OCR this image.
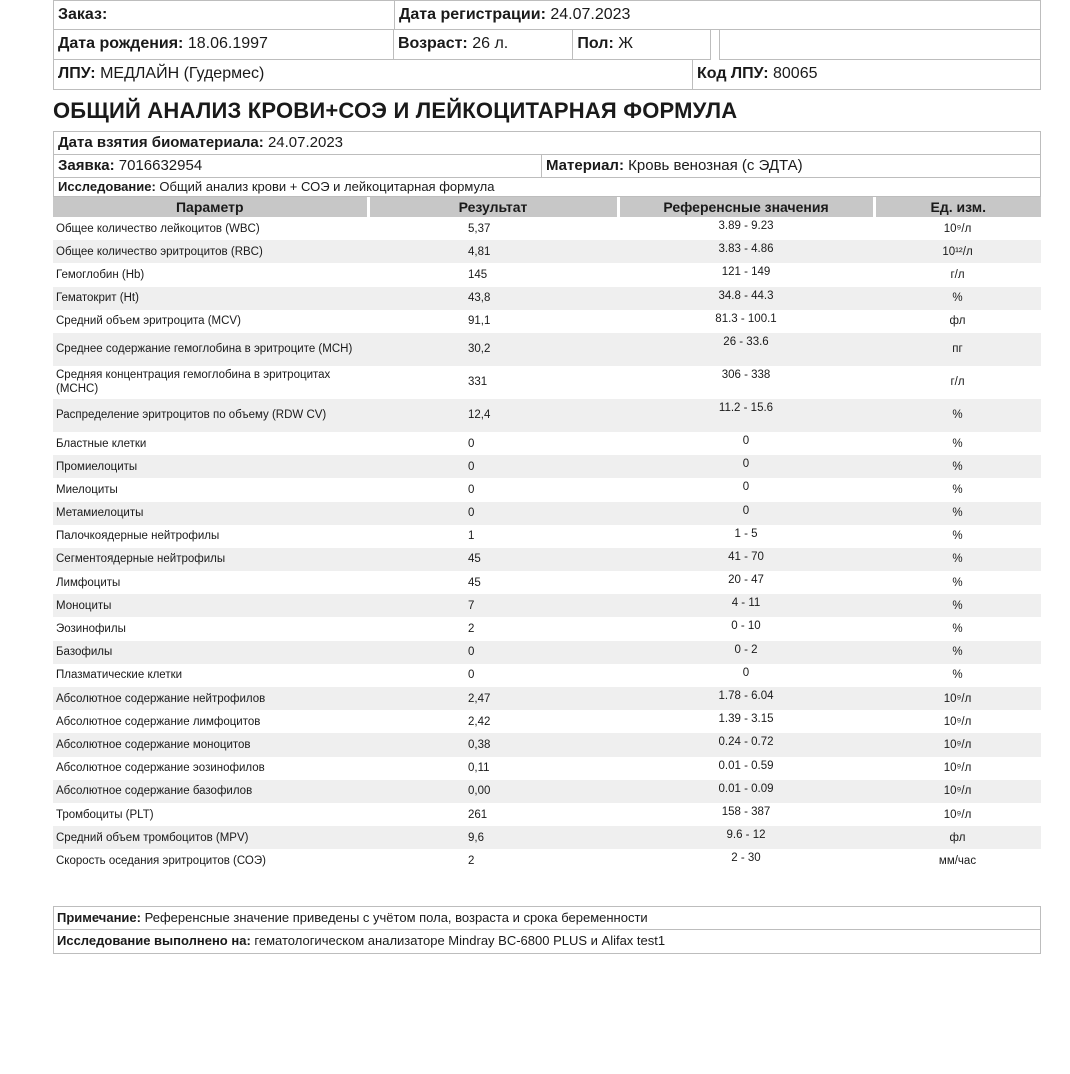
Заказ:	Дата регистрации: 24.07.2023
Дата рождения: 18.06.1997	Возраст: 26 л.	Пол: Ж
ЛПУ: МЕДЛАЙН (Гудермес)	Код ЛПУ: 80065
ОБЩИЙ АНАЛИЗ КРОВИ+СОЭ И ЛЕЙКОЦИТАРНАЯ ФОРМУЛА
Дата взятия биоматериала: 24.07.2023
Заявка: 7016632954	Материал: Кровь венозная (с ЭДТА)
Исследование: Общий анализ крови + СОЭ и лейкоцитарная формула
Параметр	Результат	Референсные значения	Ед. изм.
Общее количество лейкоцитов (WBC)	5,37	3.89 - 9.23	10⁹/л
Общее количество эритроцитов (RBC)	4,81	3.83 - 4.86	10¹²/л
Гемоглобин (Hb)	145	121 - 149	г/л
Гематокрит (Ht)	43,8	34.8 - 44.3	%
Средний объем эритроцита (MCV)	91,1	81.3 - 100.1	фл
Среднее содержание гемоглобина в эритроците (MCH)	30,2	26 - 33.6	пг
Средняя концентрация гемоглобина в эритроцитах (MCHC)	331	306 - 338	г/л
Распределение эритроцитов по объему (RDW CV)	12,4	11.2 - 15.6	%
Бластные клетки	0	0	%
Промиелоциты	0	0	%
Миелоциты	0	0	%
Метамиелоциты	0	0	%
Палочкоядерные нейтрофилы	1	1 - 5	%
Сегментоядерные нейтрофилы	45	41 - 70	%
Лимфоциты	45	20 - 47	%
Моноциты	7	4 - 11	%
Эозинофилы	2	0 - 10	%
Базофилы	0	0 - 2	%
Плазматические клетки	0	0	%
Абсолютное содержание нейтрофилов	2,47	1.78 - 6.04	10⁹/л
Абсолютное содержание лимфоцитов	2,42	1.39 - 3.15	10⁹/л
Абсолютное содержание моноцитов	0,38	0.24 - 0.72	10⁹/л
Абсолютное содержание эозинофилов	0,11	0.01 - 0.59	10⁹/л
Абсолютное содержание базофилов	0,00	0.01 - 0.09	10⁹/л
Тромбоциты (PLT)	261	158 - 387	10⁹/л
Средний объем тромбоцитов (MPV)	9,6	9.6 - 12	фл
Скорость оседания эритроцитов (СОЭ)	2	2 - 30	мм/час
Примечание: Референсные значение приведены с учётом пола, возраста и срока беременности
Исследование выполнено на: гематологическом анализаторе Mindray BC-6800 PLUS и Alifax test1
